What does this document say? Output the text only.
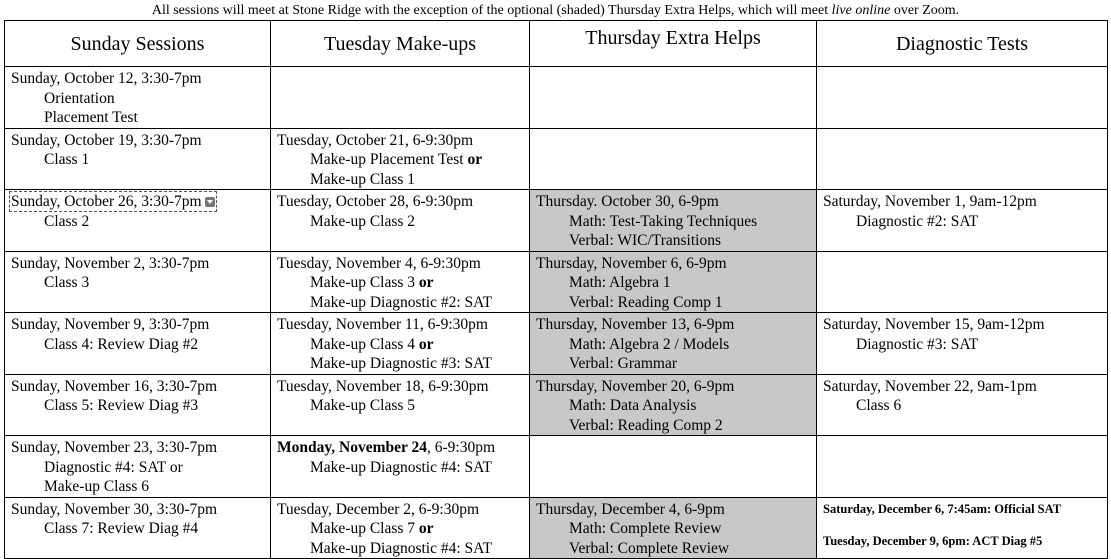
All sessions will meet at Stone Ridge with the exception of the optional (shaded) Thursday Extra Helps, which will meet live online over Zoom.
Sunday Sessions	Tuesday Make-ups	Thursday Extra Helps	Diagnostic Tests
Sunday, October 12, 3:30-7pm
Orientation
Placement Test			

Sunday, October 19, 3:30-7pm
Class 1	Tuesday, October 21, 6-9:30pm
Make-up Placement Test or
Make-up Class 1		

Sunday, October 26, 3:30-7pm
Class 2	Tuesday, October 28, 6-9:30pm
Make-up Class 2	Thursday. October 30, 6-9pm
Math: Test-Taking Techniques
Verbal: WIC/Transitions	Saturday, November 1, 9am-12pm
Diagnostic #2: SAT

Sunday, November 2, 3:30-7pm
Class 3	Tuesday, November 4, 6-9:30pm
Make-up Class 3 or
Make-up Diagnostic #2: SAT	Thursday, November 6, 6-9pm
Math: Algebra 1
Verbal: Reading Comp 1	

Sunday, November 9, 3:30-7pm
Class 4: Review Diag #2	Tuesday, November 11, 6-9:30pm
Make-up Class 4 or
Make-up Diagnostic #3: SAT	Thursday, November 13, 6-9pm
Math: Algebra 2 / Models
Verbal: Grammar	Saturday, November 15, 9am-12pm
Diagnostic #3: SAT

Sunday, November 16, 3:30-7pm
Class 5: Review Diag #3	Tuesday, November 18, 6-9:30pm
Make-up Class 5	Thursday, November 20, 6-9pm
Math: Data Analysis
Verbal: Reading Comp 2	Saturday, November 22, 9am-1pm
Class 6

Sunday, November 23, 3:30-7pm
Diagnostic #4: SAT or
Make-up Class 6	Monday, November 24, 6-9:30pm
Make-up Diagnostic #4: SAT		

Sunday, November 30, 3:30-7pm
Class 7: Review Diag #4	Tuesday, December 2, 6-9:30pm
Make-up Class 7 or
Make-up Diagnostic #4: SAT	Thursday, December 4, 6-9pm
Math: Complete Review
Verbal: Complete Review	Saturday, December 6, 7:45am: Official SAT
Tuesday, December 9, 6pm: ACT Diag #5
